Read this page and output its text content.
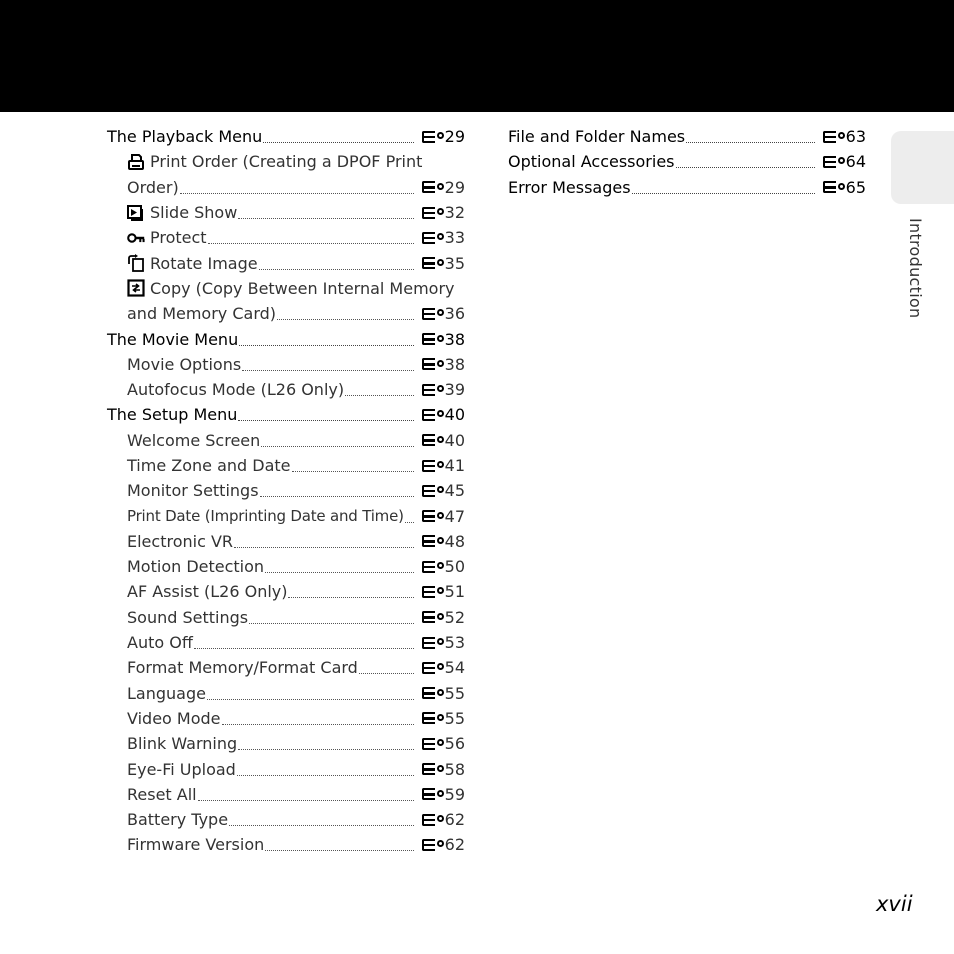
Introduction
The Playback Menu	29
Print Order (Creating a DPOF Print
Order)	29
Slide Show	32
Protect	33
Rotate Image	35
Copy (Copy Between Internal Memory
and Memory Card)	36
The Movie Menu	38
Movie Options	38
Autofocus Mode (L26 Only)	39
The Setup Menu	40
Welcome Screen	40
Time Zone and Date	41
Monitor Settings	45
Print Date (Imprinting Date and Time)	47
Electronic VR	48
Motion Detection	50
AF Assist (L26 Only)	51
Sound Settings	52
Auto Off	53
Format Memory/Format Card	54
Language	55
Video Mode	55
Blink Warning	56
Eye-Fi Upload	58
Reset All	59
Battery Type	62
Firmware Version	62
File and Folder Names	63
Optional Accessories	64
Error Messages	65
xvii
